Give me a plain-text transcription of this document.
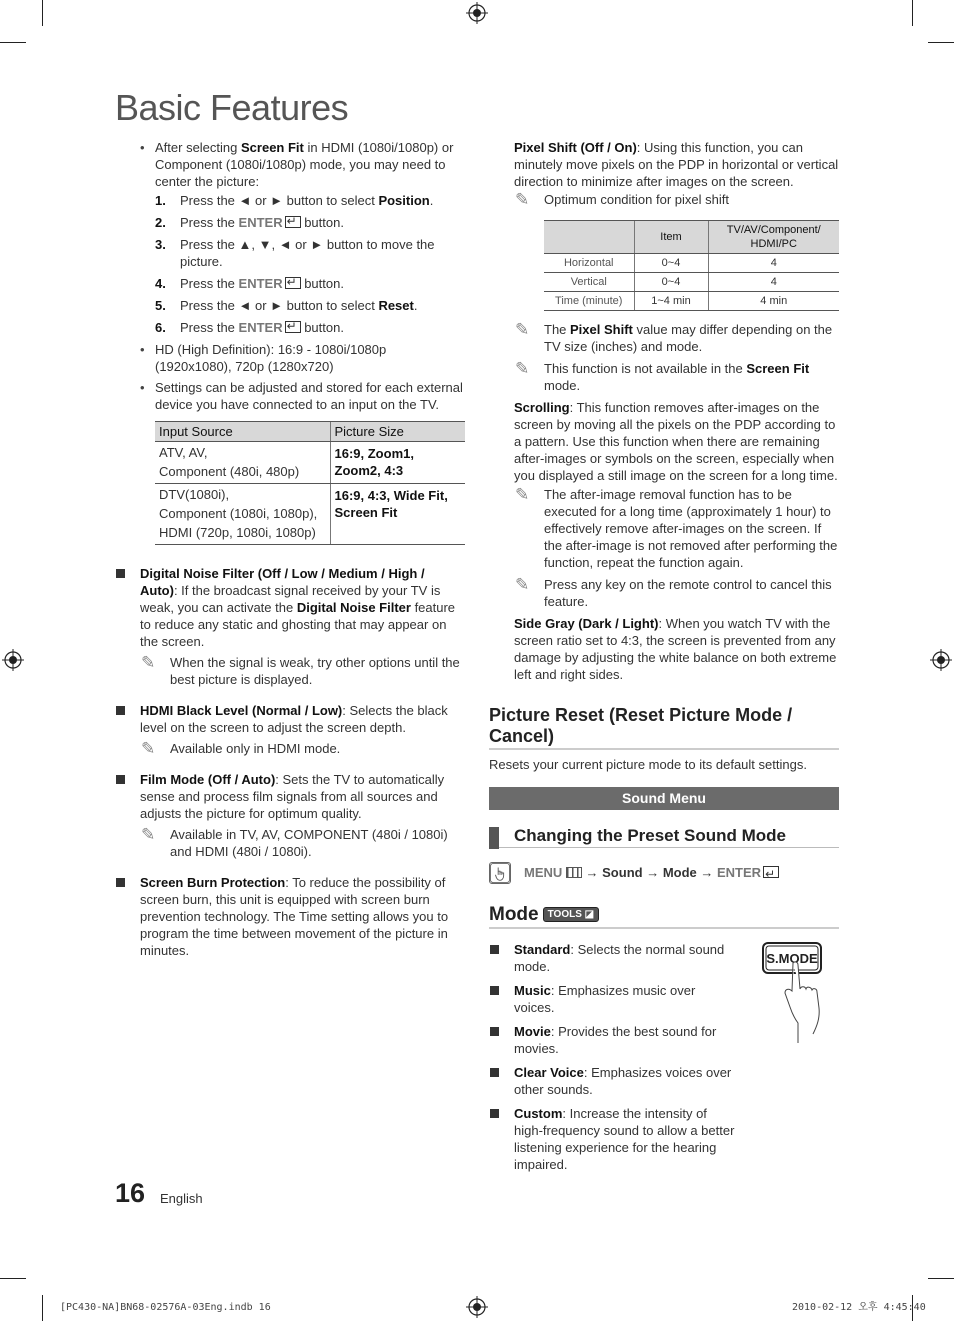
Basic Features
• After selecting Screen Fit in HDMI (1080i/1080p) or Component (1080i/1080p) mode, you may need to center the picture:
1. Press the ◄ or ► button to select Position.
2. Press the ENTER↵ button.
3. Press the ▲, ▼, ◄ or ► button to move the picture.
4. Press the ENTER↵ button.
5. Press the ◄ or ► button to select Reset.
6. Press the ENTER↵ button.
• HD (High Definition): 16:9 - 1080i/1080p (1920x1080), 720p (1280x720)
• Settings can be adjusted and stored for each external device you have connected to an input on the TV.
Input Source	Picture Size
ATV, AV,
Component (480i, 480p)	16:9, Zoom1,
Zoom2, 4:3
DTV(1080i),
Component (1080i, 1080p),
HDMI (720p, 1080i, 1080p)	16:9, 4:3, Wide Fit,
Screen Fit
Digital Noise Filter (Off / Low / Medium / High / Auto): If the broadcast signal received by your TV is weak, you can activate the Digital Noise Filter feature to reduce any static and ghosting that may appear on the screen.
✎ When the signal is weak, try other options until the best picture is displayed.
HDMI Black Level (Normal / Low): Selects the black level on the screen to adjust the screen depth.
✎ Available only in HDMI mode.
Film Mode (Off / Auto): Sets the TV to automatically sense and process film signals from all sources and adjusts the picture for optimum quality.
✎ Available in TV, AV, COMPONENT (480i / 1080i) and HDMI (480i / 1080i).
Screen Burn Protection: To reduce the possibility of screen burn, this unit is equipped with screen burn prevention technology. The Time setting allows you to program the time between movement of the picture in minutes.

Pixel Shift (Off / On): Using this function, you can minutely move pixels on the PDP in horizontal or vertical direction to minimize after images on the screen.

✎ Optimum condition for pixel shift
	Item	TV/AV/Component/
HDMI/PC
Horizontal	0~4	4
Vertical	0~4	4
Time (minute)	1~4 min	4 min
✎ The Pixel Shift value may differ depending on the TV size (inches) and mode.
✎ This function is not available in the Screen Fit mode.

Scrolling: This function removes after-images on the screen by moving all the pixels on the PDP according to a pattern. Use this function when there are remaining after-images or symbols on the screen, especially when you displayed a still image on the screen for a long time.

✎ The after-image removal function has to be executed for a long time (approximately 1 hour) to effectively remove after-images on the screen. If the after-image is not removed after performing the function, repeat the function again.
✎ Press any key on the remote control to cancel this feature.

Side Gray (Dark / Light): When you watch TV with the screen ratio set to 4:3, the screen is prevented from any damage by adjusting the white balance on both extreme left and right sides.

Picture Reset (Reset Picture Mode / Cancel)

Resets your current picture mode to its default settings.

Sound Menu
Changing the Preset Sound Mode
MENU  → Sound → Mode → ENTER↵
Mode TOOLS ◪
Standard: Selects the normal sound mode.
Music: Emphasizes music over voices.
Movie: Provides the best sound for movies.
Clear Voice: Emphasizes voices over other sounds.
Custom: Increase the intensity of high-frequency sound to allow a better listening experience for the hearing impaired.
S.MODE
16 English
[PC430-NA]BN68-02576A-03Eng.indb 16	2010-02-12 오후 4:45:40
